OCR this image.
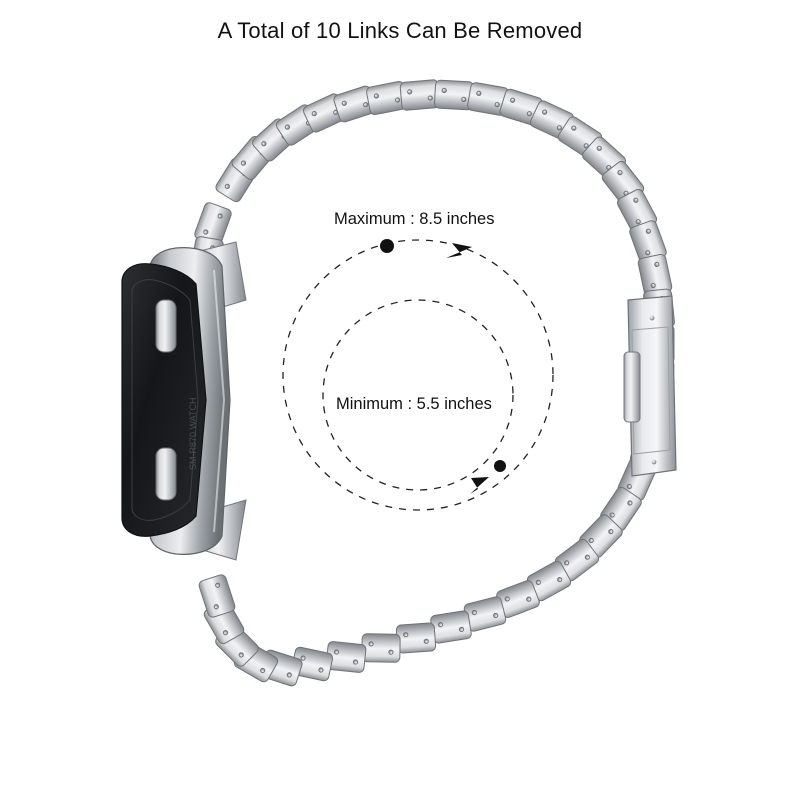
A Total of 10 Links Can Be Removed
SM-R870 WATCH
Maximum : 8.5 inches
Minimum : 5.5 inches
